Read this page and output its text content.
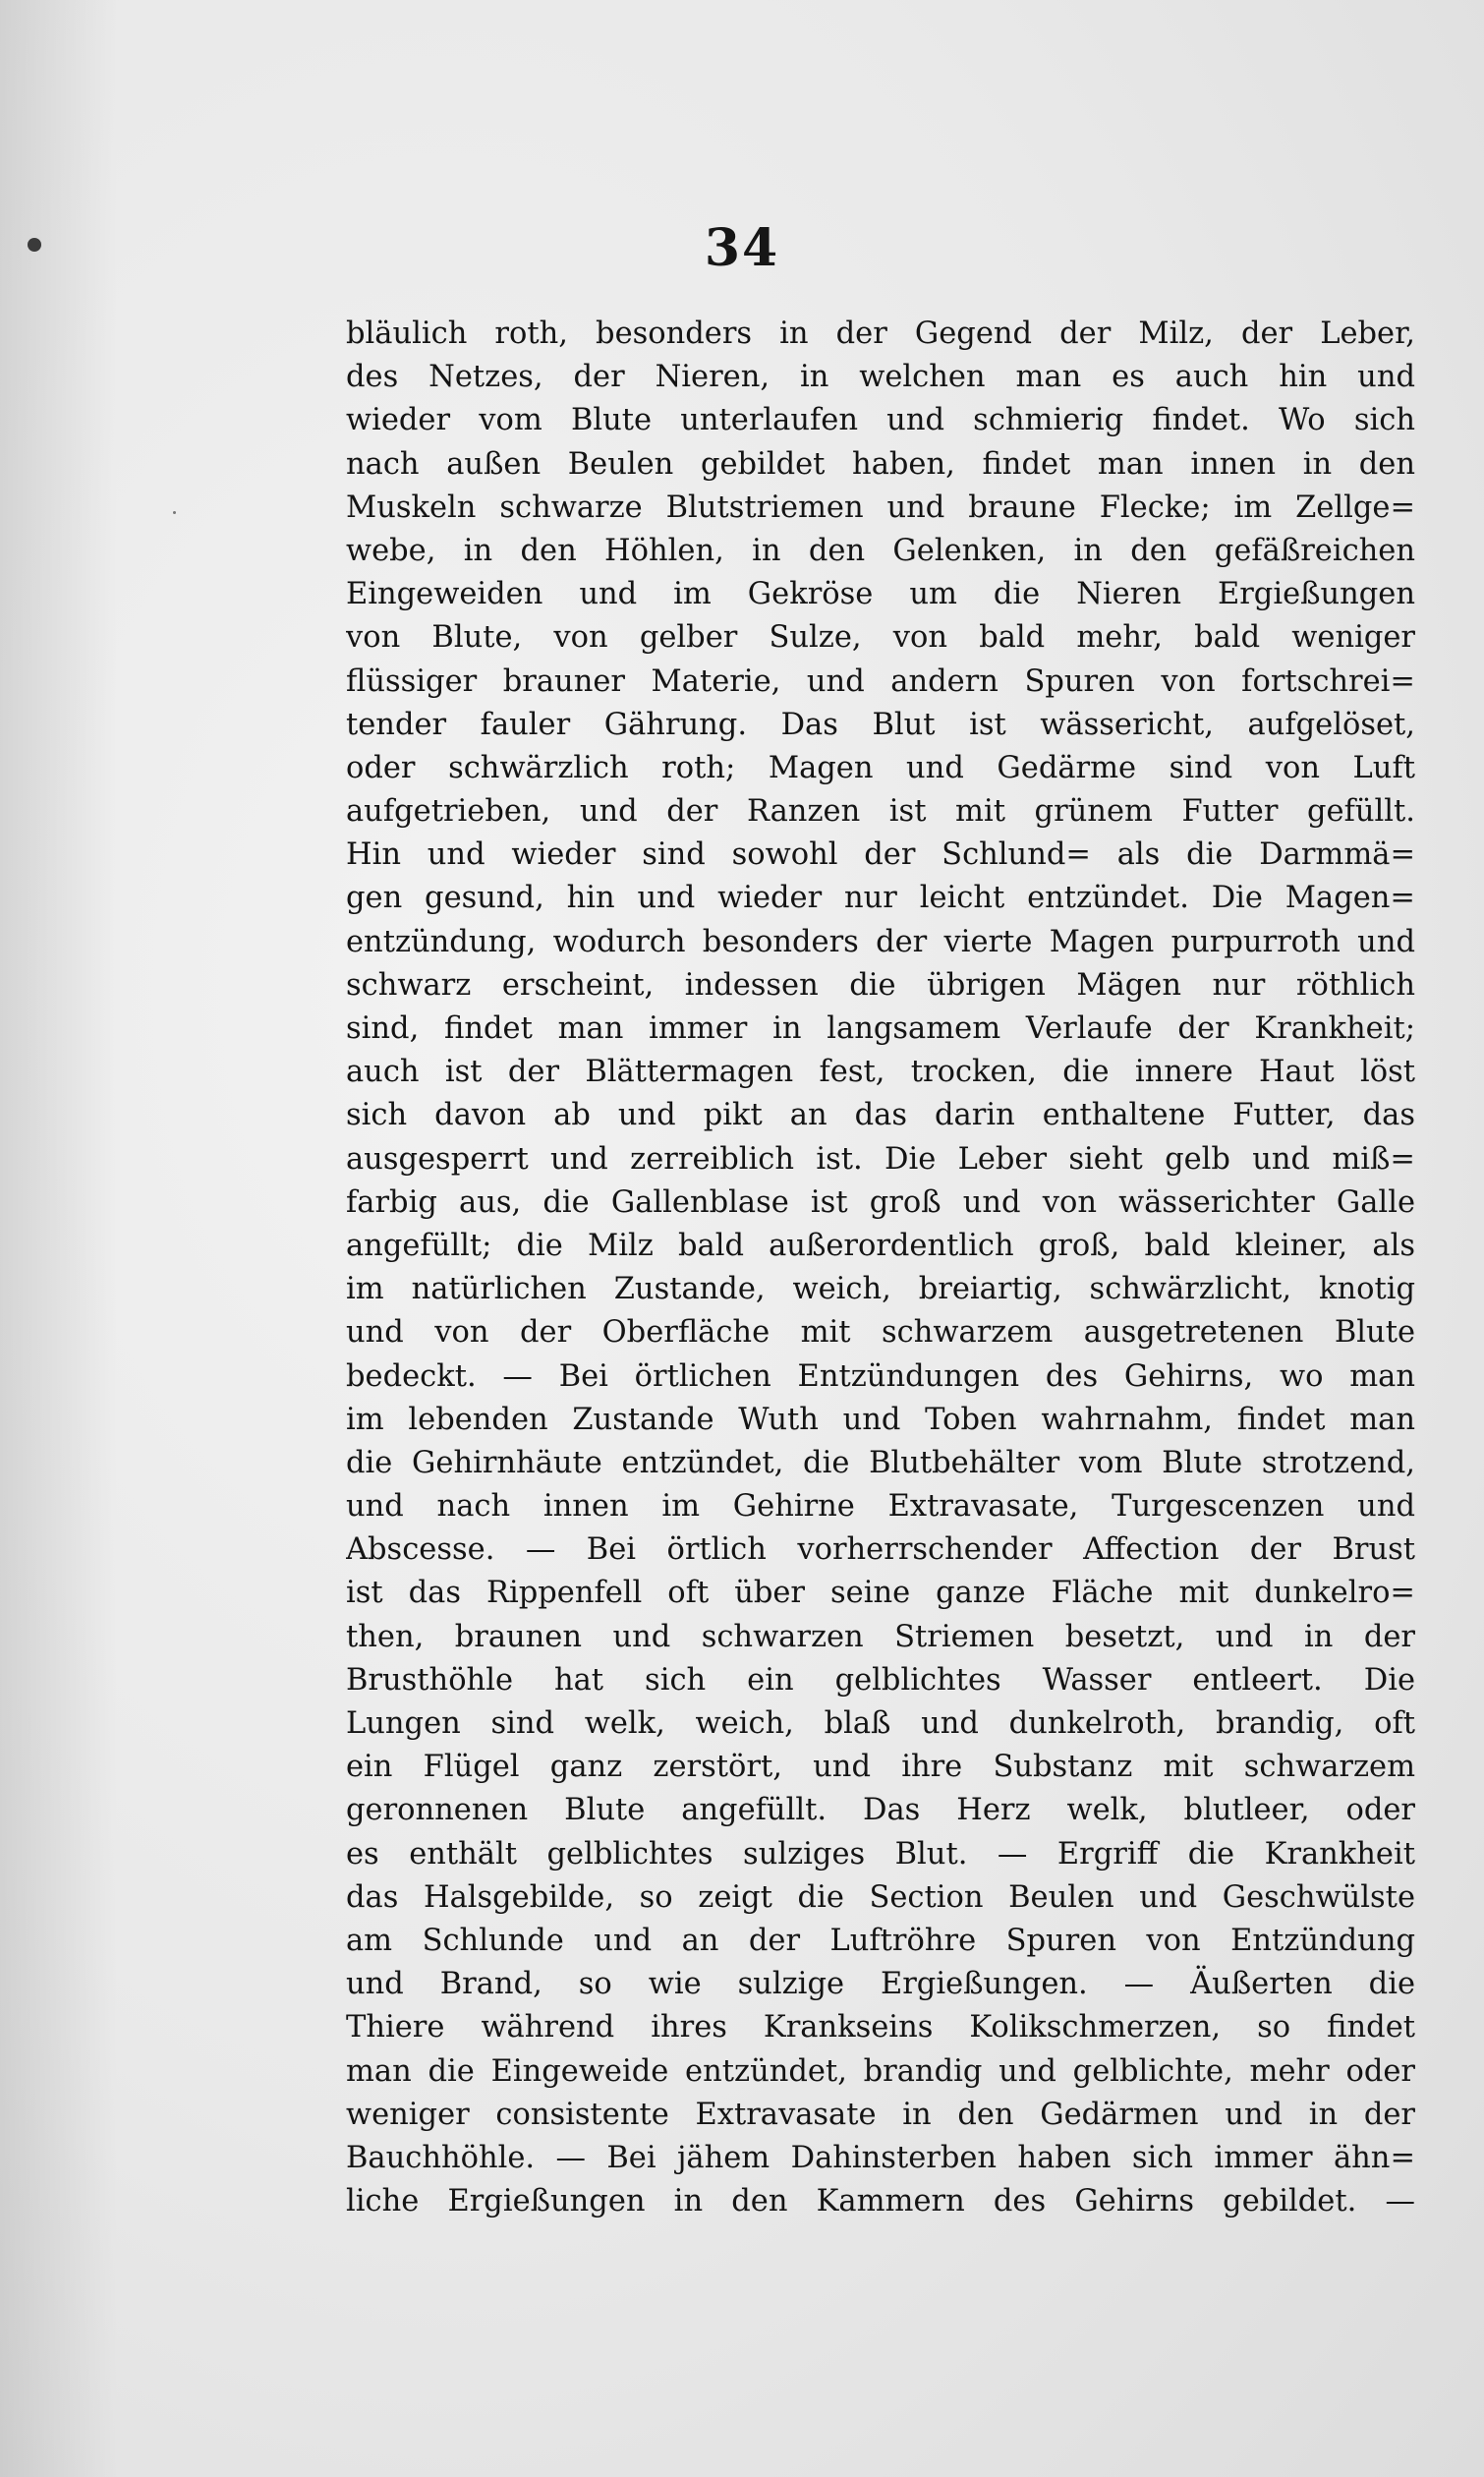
34
bläulich roth, besonders in der Gegend der Milz, der Leber,
des Netzes, der Nieren, in welchen man es auch hin und
wieder vom Blute unterlaufen und schmierig findet. Wo sich
nach außen Beulen gebildet haben, findet man innen in den
Muskeln schwarze Blutstriemen und braune Flecke; im Zellge=
webe, in den Höhlen, in den Gelenken, in den gefäßreichen
Eingeweiden und im Gekröse um die Nieren Ergießungen
von Blute, von gelber Sulze, von bald mehr, bald weniger
flüssiger brauner Materie, und andern Spuren von fortschrei=
tender fauler Gährung. Das Blut ist wässericht, aufgelöset,
oder schwärzlich roth; Magen und Gedärme sind von Luft
aufgetrieben, und der Ranzen ist mit grünem Futter gefüllt.
Hin und wieder sind sowohl der Schlund= als die Darmmä=
gen gesund, hin und wieder nur leicht entzündet. Die Magen=
entzündung, wodurch besonders der vierte Magen purpurroth und
schwarz erscheint, indessen die übrigen Mägen nur röthlich
sind, findet man immer in langsamem Verlaufe der Krankheit;
auch ist der Blättermagen fest, trocken, die innere Haut löst
sich davon ab und pikt an das darin enthaltene Futter, das
ausgesperrt und zerreiblich ist. Die Leber sieht gelb und miß=
farbig aus, die Gallenblase ist groß und von wässerichter Galle
angefüllt; die Milz bald außerordentlich groß, bald kleiner, als
im natürlichen Zustande, weich, breiartig, schwärzlicht, knotig
und von der Oberfläche mit schwarzem ausgetretenen Blute
bedeckt. — Bei örtlichen Entzündungen des Gehirns, wo man
im lebenden Zustande Wuth und Toben wahrnahm, findet man
die Gehirnhäute entzündet, die Blutbehälter vom Blute strotzend,
und nach innen im Gehirne Extravasate, Turgescenzen und
Abscesse. — Bei örtlich vorherrschender Affection der Brust
ist das Rippenfell oft über seine ganze Fläche mit dunkelro=
then, braunen und schwarzen Striemen besetzt, und in der
Brusthöhle hat sich ein gelblichtes Wasser entleert. Die
Lungen sind welk, weich, blaß und dunkelroth, brandig, oft
ein Flügel ganz zerstört, und ihre Substanz mit schwarzem
geronnenen Blute angefüllt. Das Herz welk, blutleer, oder
es enthält gelblichtes sulziges Blut. — Ergriff die Krankheit
das Halsgebilde, so zeigt die Section Beulen und Geschwülste
am Schlunde und an der Luftröhre Spuren von Entzündung
und Brand, so wie sulzige Ergießungen. — Äußerten die
Thiere während ihres Krankseins Kolikschmerzen, so findet
man die Eingeweide entzündet, brandig und gelblichte, mehr oder
weniger consistente Extravasate in den Gedärmen und in der
Bauchhöhle. — Bei jähem Dahinsterben haben sich immer ähn=
liche Ergießungen in den Kammern des Gehirns gebildet. —
